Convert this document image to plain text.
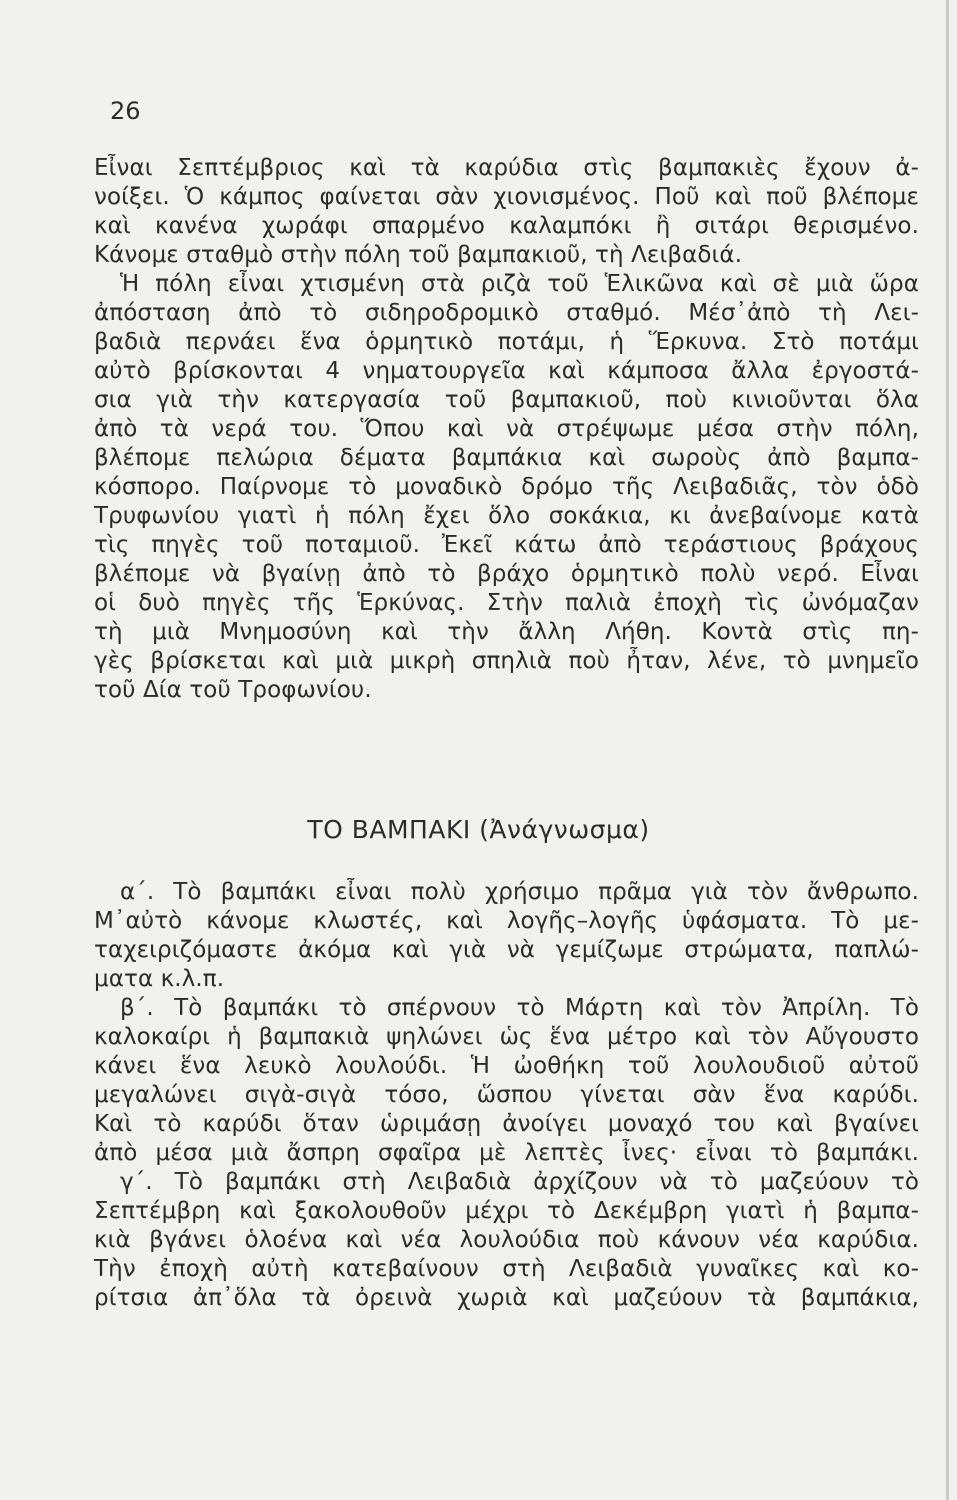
26
Εἶναι Σεπτέμβριος καὶ τὰ καρύδια στὶς βαμπακιὲς ἔχουν ἀ-
νοίξει. Ὁ κάμπος φαίνεται σὰν χιονισμένος. Ποῦ καὶ ποῦ βλέπομε
καὶ κανένα χωράφι σπαρμένο καλαμπόκι ἢ σιτάρι θερισμένο.
Κάνομε σταθμὸ στὴν πόλη τοῦ βαμπακιοῦ, τὴ Λειβαδιά.
Ἡ πόλη εἶναι χτισμένη στὰ ριζὰ τοῦ Ἑλικῶνα καὶ σὲ μιὰ ὥρα
ἀπόσταση ἀπὸ τὸ σιδηροδρομικὸ σταθμό. Μέσ᾽ἀπὸ τὴ Λει-
βαδιὰ περνάει ἕνα ὁρμητικὸ ποτάμι, ἡ Ἕρκυνα. Στὸ ποτάμι
αὐτὸ βρίσκονται 4 νηματουργεῖα καὶ κάμποσα ἄλλα ἐργοστά-
σια γιὰ τὴν κατεργασία τοῦ βαμπακιοῦ, ποὺ κινιοῦνται ὅλα
ἀπὸ τὰ νερά του. Ὅπου καὶ νὰ στρέψωμε μέσα στὴν πόλη,
βλέπομε πελώρια δέματα βαμπάκια καὶ σωροὺς ἀπὸ βαμπα-
κόσπορο. Παίρνομε τὸ μοναδικὸ δρόμο τῆς Λειβαδιᾶς, τὸν ὁδὸ
Τρυφωνίου γιατὶ ἡ πόλη ἔχει ὅλο σοκάκια, κι ἀνεβαίνομε κατὰ
τὶς πηγὲς τοῦ ποταμιοῦ. Ἐκεῖ κάτω ἀπὸ τεράστιους βράχους
βλέπομε νὰ βγαίνῃ ἀπὸ τὸ βράχο ὁρμητικὸ πολὺ νερό. Εἶναι
οἱ δυὸ πηγὲς τῆς Ἑρκύνας. Στὴν παλιὰ ἐποχὴ τὶς ὠνόμαζαν
τὴ μιὰ Μνημοσύνη καὶ τὴν ἄλλη Λήθη. Κοντὰ στὶς πη-
γὲς βρίσκεται καὶ μιὰ μικρὴ σπηλιὰ ποὺ ἦταν, λένε, τὸ μνημεῖο
τοῦ Δία τοῦ Τροφωνίου.
ΤΟ ΒΑΜΠΑΚΙ (Ἀνάγνωσμα)
α΄. Τὸ βαμπάκι εἶναι πολὺ χρήσιμο πρᾶμα γιὰ τὸν ἄνθρωπο.
Μ᾽αὐτὸ κάνομε κλωστές, καὶ λογῆς–λογῆς ὑφάσματα. Τὸ με-
ταχειριζόμαστε ἀκόμα καὶ γιὰ νὰ γεμίζωμε στρώματα, παπλώ-
ματα κ.λ.π.
β΄. Τὸ βαμπάκι τὸ σπέρνουν τὸ Μάρτη καὶ τὸν Ἀπρίλη. Τὸ
καλοκαίρι ἡ βαμπακιὰ ψηλώνει ὡς ἕνα μέτρο καὶ τὸν Αὔγουστο
κάνει ἕνα λευκὸ λουλούδι. Ἡ ὠοθήκη τοῦ λουλουδιοῦ αὐτοῦ
μεγαλώνει σιγὰ-σιγὰ τόσο, ὥσπου γίνεται σὰν ἕνα καρύδι.
Καὶ τὸ καρύδι ὅταν ὡριμάσῃ ἀνοίγει μοναχό του καὶ βγαίνει
ἀπὸ μέσα μιὰ ἄσπρη σφαῖρα μὲ λεπτὲς ἶνες· εἶναι τὸ βαμπάκι.
γ΄. Τὸ βαμπάκι στὴ Λειβαδιὰ ἀρχίζουν νὰ τὸ μαζεύουν τὸ
Σεπτέμβρη καὶ ξακολουθοῦν μέχρι τὸ Δεκέμβρη γιατὶ ἡ βαμπα-
κιὰ βγάνει ὁλοένα καὶ νέα λουλούδια ποὺ κάνουν νέα καρύδια.
Τὴν ἐποχὴ αὐτὴ κατεβαίνουν στὴ Λειβαδιὰ γυναῖκες καὶ κο-
ρίτσια ἀπ᾽ὅλα τὰ ὀρεινὰ χωριὰ καὶ μαζεύουν τὰ βαμπάκια,
